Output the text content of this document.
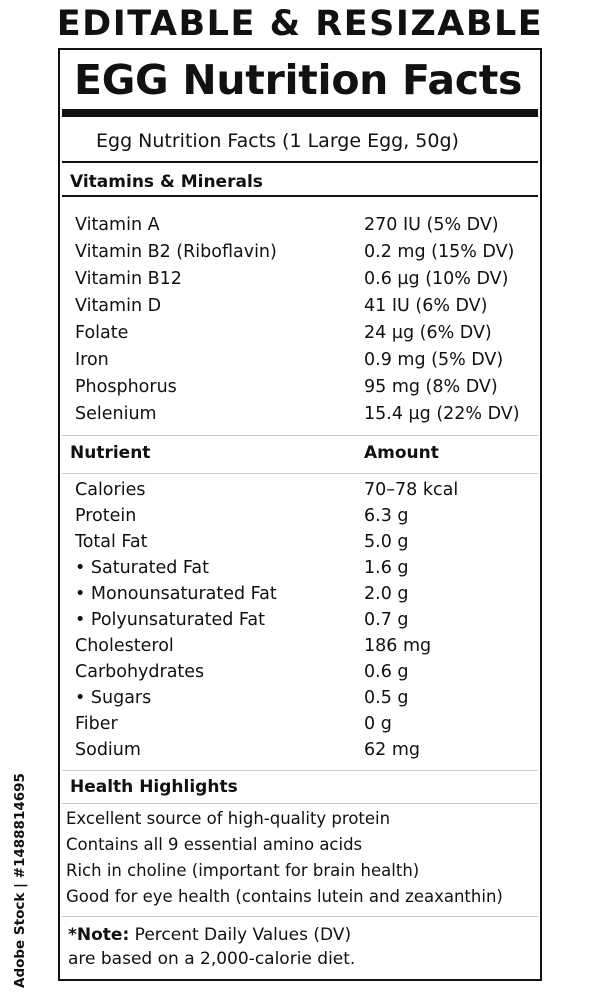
EDITABLE & RESIZABLE
EGG Nutrition Facts
Egg Nutrition Facts (1 Large Egg, 50g)
Vitamins & Minerals
Vitamin A	270 IU (5% DV)
Vitamin B2 (Riboflavin)	0.2 mg (15% DV)
Vitamin B12	0.6 µg (10% DV)
Vitamin D	41 IU (6% DV)
Folate	24 µg (6% DV)
Iron	0.9 mg (5% DV)
Phosphorus	95 mg (8% DV)
Selenium	15.4 µg (22% DV)
Nutrient	Amount
Calories	70–78 kcal
Protein	6.3 g
Total Fat	5.0 g
• Saturated Fat	1.6 g
• Monounsaturated Fat	2.0 g
• Polyunsaturated Fat	0.7 g
Cholesterol	186 mg
Carbohydrates	0.6 g
• Sugars	0.5 g
Fiber	0 g
Sodium	62 mg
Health Highlights
Excellent source of high-quality protein
Contains all 9 essential amino acids
Rich in choline (important for brain health)
Good for eye health (contains lutein and zeaxanthin)
*Note: Percent Daily Values (DV)
are based on a 2,000-calorie diet.
Adobe Stock | #1488814695
